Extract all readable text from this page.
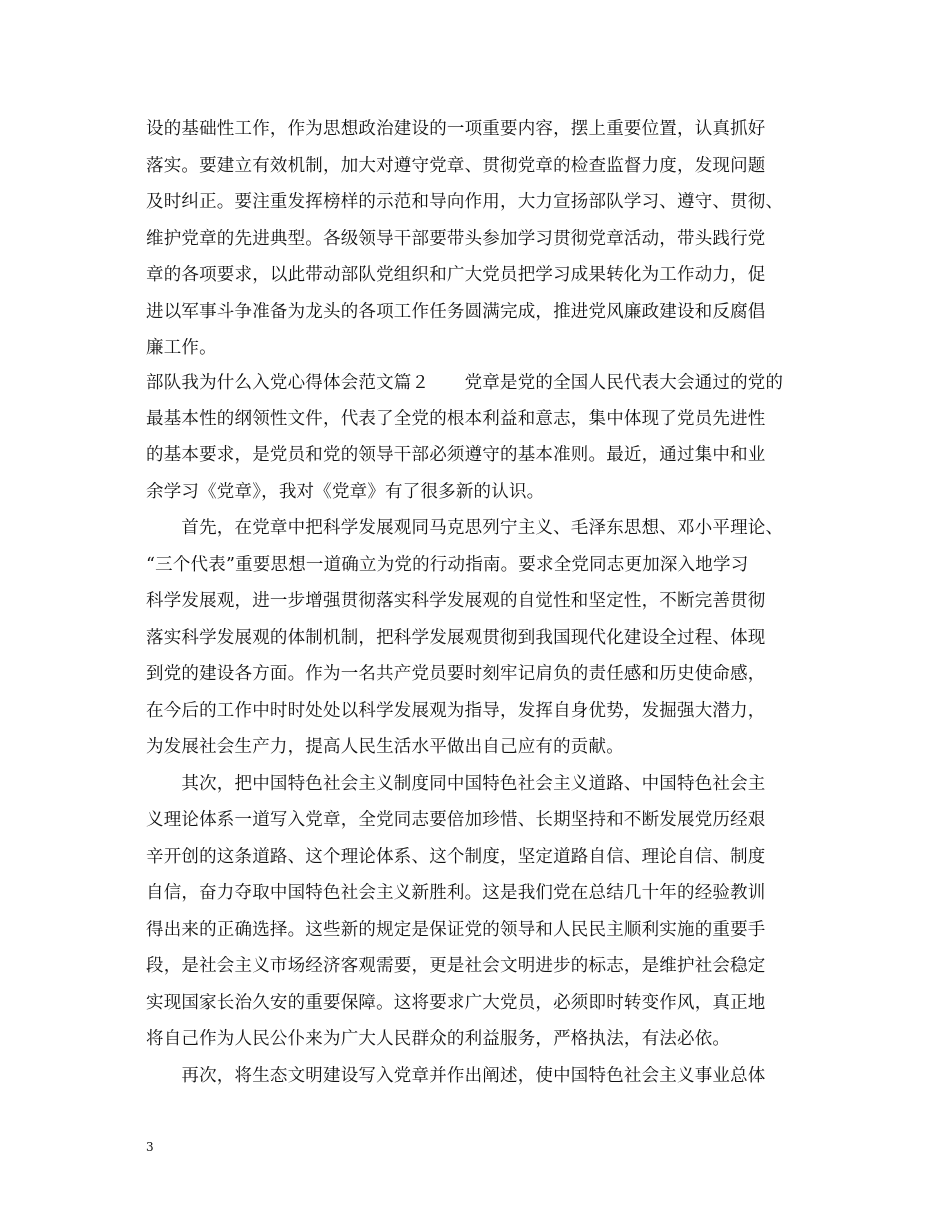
设的基础性工作，作为思想政治建设的一项重要内容，摆上重要位置，认真抓好
落实。要建立有效机制，加大对遵守党章、贯彻党章的检查监督力度，发现问题
及时纠正。要注重发挥榜样的示范和导向作用，大力宣扬部队学习、遵守、贯彻、
维护党章的先进典型。各级领导干部要带头参加学习贯彻党章活动，带头践行党
章的各项要求，以此带动部队党组织和广大党员把学习成果转化为工作动力，促
进以军事斗争准备为龙头的各项工作任务圆满完成，推进党风廉政建设和反腐倡
廉工作。
部队我为什么入党心得体会范文篇２　　党章是党的全国人民代表大会通过的党的
最基本性的纲领性文件，代表了全党的根本利益和意志，集中体现了党员先进性
的基本要求，是党员和党的领导干部必须遵守的基本准则。最近，通过集中和业
余学习《党章》，我对《党章》有了很多新的认识。
　　首先，在党章中把科学发展观同马克思列宁主义、毛泽东思想、邓小平理论、
“三个代表”重要思想一道确立为党的行动指南。要求全党同志更加深入地学习
科学发展观，进一步增强贯彻落实科学发展观的自觉性和坚定性，不断完善贯彻
落实科学发展观的体制机制，把科学发展观贯彻到我国现代化建设全过程、体现
到党的建设各方面。作为一名共产党员要时刻牢记肩负的责任感和历史使命感，
在今后的工作中时时处处以科学发展观为指导，发挥自身优势，发掘强大潜力，
为发展社会生产力，提高人民生活水平做出自己应有的贡献。
　　其次，把中国特色社会主义制度同中国特色社会主义道路、中国特色社会主
义理论体系一道写入党章，全党同志要倍加珍惜、长期坚持和不断发展党历经艰
辛开创的这条道路、这个理论体系、这个制度，坚定道路自信、理论自信、制度
自信，奋力夺取中国特色社会主义新胜利。这是我们党在总结几十年的经验教训
得出来的正确选择。这些新的规定是保证党的领导和人民民主顺利实施的重要手
段，是社会主义市场经济客观需要，更是社会文明进步的标志，是维护社会稳定
实现国家长治久安的重要保障。这将要求广大党员，必须即时转变作风，真正地
将自己作为人民公仆来为广大人民群众的利益服务，严格执法，有法必依。
　　再次，将生态文明建设写入党章并作出阐述，使中国特色社会主义事业总体
3
